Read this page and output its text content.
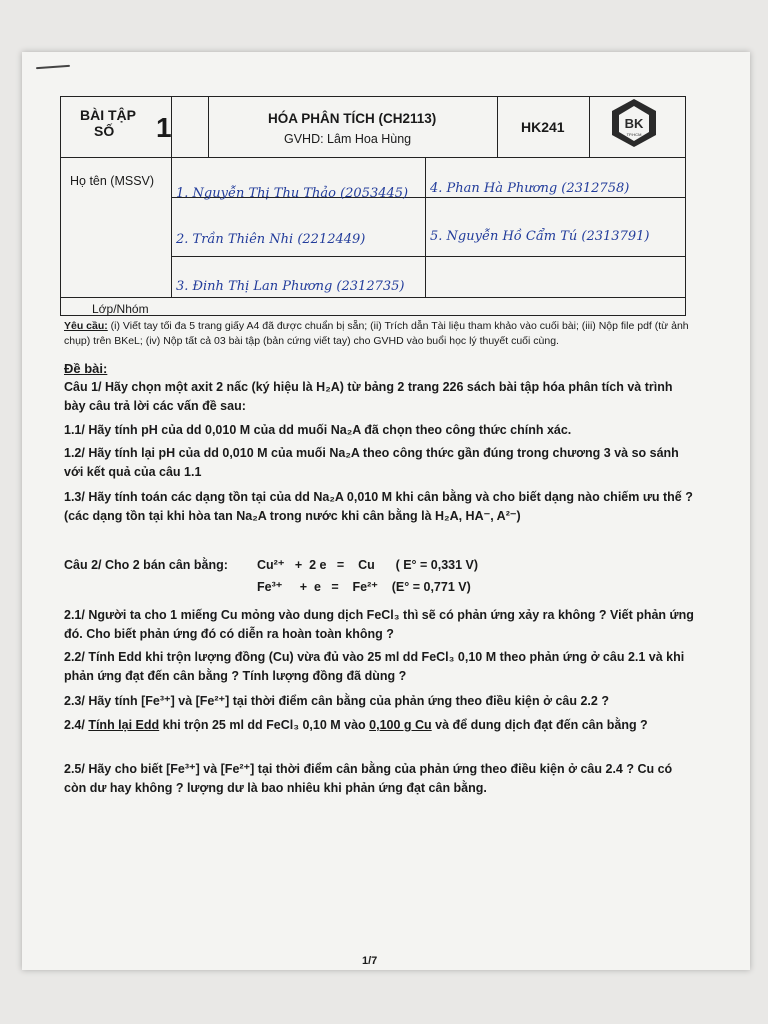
BÀI TẬP
SỐ 1	HÓA PHÂN TÍCH (CH2113)
GVHD: Lâm Hoa Hùng
HK241	BK
TP.HCM
Họ tên (MSSV)
Lớp/Nhóm
1. Nguyễn Thị Thu Thảo (2053445)
2. Trần Thiên Nhi (2212449)
3. Đinh Thị Lan Phương (2312735)
4. Phan Hà Phương (2312758)
5. Nguyễn Hồ Cẩm Tú (2313791)
Yêu cầu: (i) Viết tay tối đa 5 trang giấy A4 đã được chuẩn bị sẵn; (ii) Trích dẫn Tài liệu tham khảo vào cuối bài; (iii) Nộp file pdf (từ ảnh chụp) trên BKeL; (iv) Nộp tất cả 03 bài tập (bản cứng viết tay) cho GVHD vào buổi học lý thuyết cuối cùng.
Đề bài:
Câu 1/ Hãy chọn một axit 2 nấc (ký hiệu là H₂A) từ bảng 2 trang 226 sách bài tập hóa phân tích và trình bày câu trả lời các vấn đề sau:
1.1/ Hãy tính pH của dd 0,010 M của dd muối Na₂A đã chọn theo công thức chính xác.
1.2/ Hãy tính lại pH của dd 0,010 M của muối Na₂A theo công thức gần đúng trong chương 3 và so sánh với kết quả của câu 1.1
1.3/ Hãy tính toán các dạng tồn tại của dd Na₂A 0,010 M khi cân bằng và cho biết dạng nào chiếm ưu thế ? (các dạng tồn tại khi hòa tan Na₂A trong nước khi cân bằng là H₂A, HA⁻, A²⁻)
Câu 2/ Cho 2 bán cân bằng:	Cu²⁺   +  2 e   =    Cu      ( E° = 0,331 V)
Fe³⁺     +  e   =    Fe²⁺    (E° = 0,771 V)
2.1/ Người ta cho 1 miếng Cu mỏng vào dung dịch FeCl₃ thì sẽ có phản ứng xảy ra không ? Viết phản ứng đó. Cho biết phản ứng đó có diễn ra hoàn toàn không ?
2.2/ Tính Edd khi trộn lượng đồng (Cu) vừa đủ vào 25 ml dd FeCl₃ 0,10 M theo phản ứng ở câu 2.1 và khi phản ứng đạt đến cân bằng ? Tính lượng đồng đã dùng ?
2.3/ Hãy tính [Fe³⁺] và [Fe²⁺] tại thời điểm cân bằng của phản ứng theo điều kiện ở câu 2.2 ?
2.4/ Tính lại Edd khi trộn 25 ml dd FeCl₃ 0,10 M vào 0,100 g Cu và để dung dịch đạt đến cân bằng ?
2.5/ Hãy cho biết [Fe³⁺] và [Fe²⁺] tại thời điểm cân bằng của phản ứng theo điều kiện ở câu 2.4 ? Cu có còn dư hay không ? lượng dư là bao nhiêu khi phản ứng đạt cân bằng.
1/7
